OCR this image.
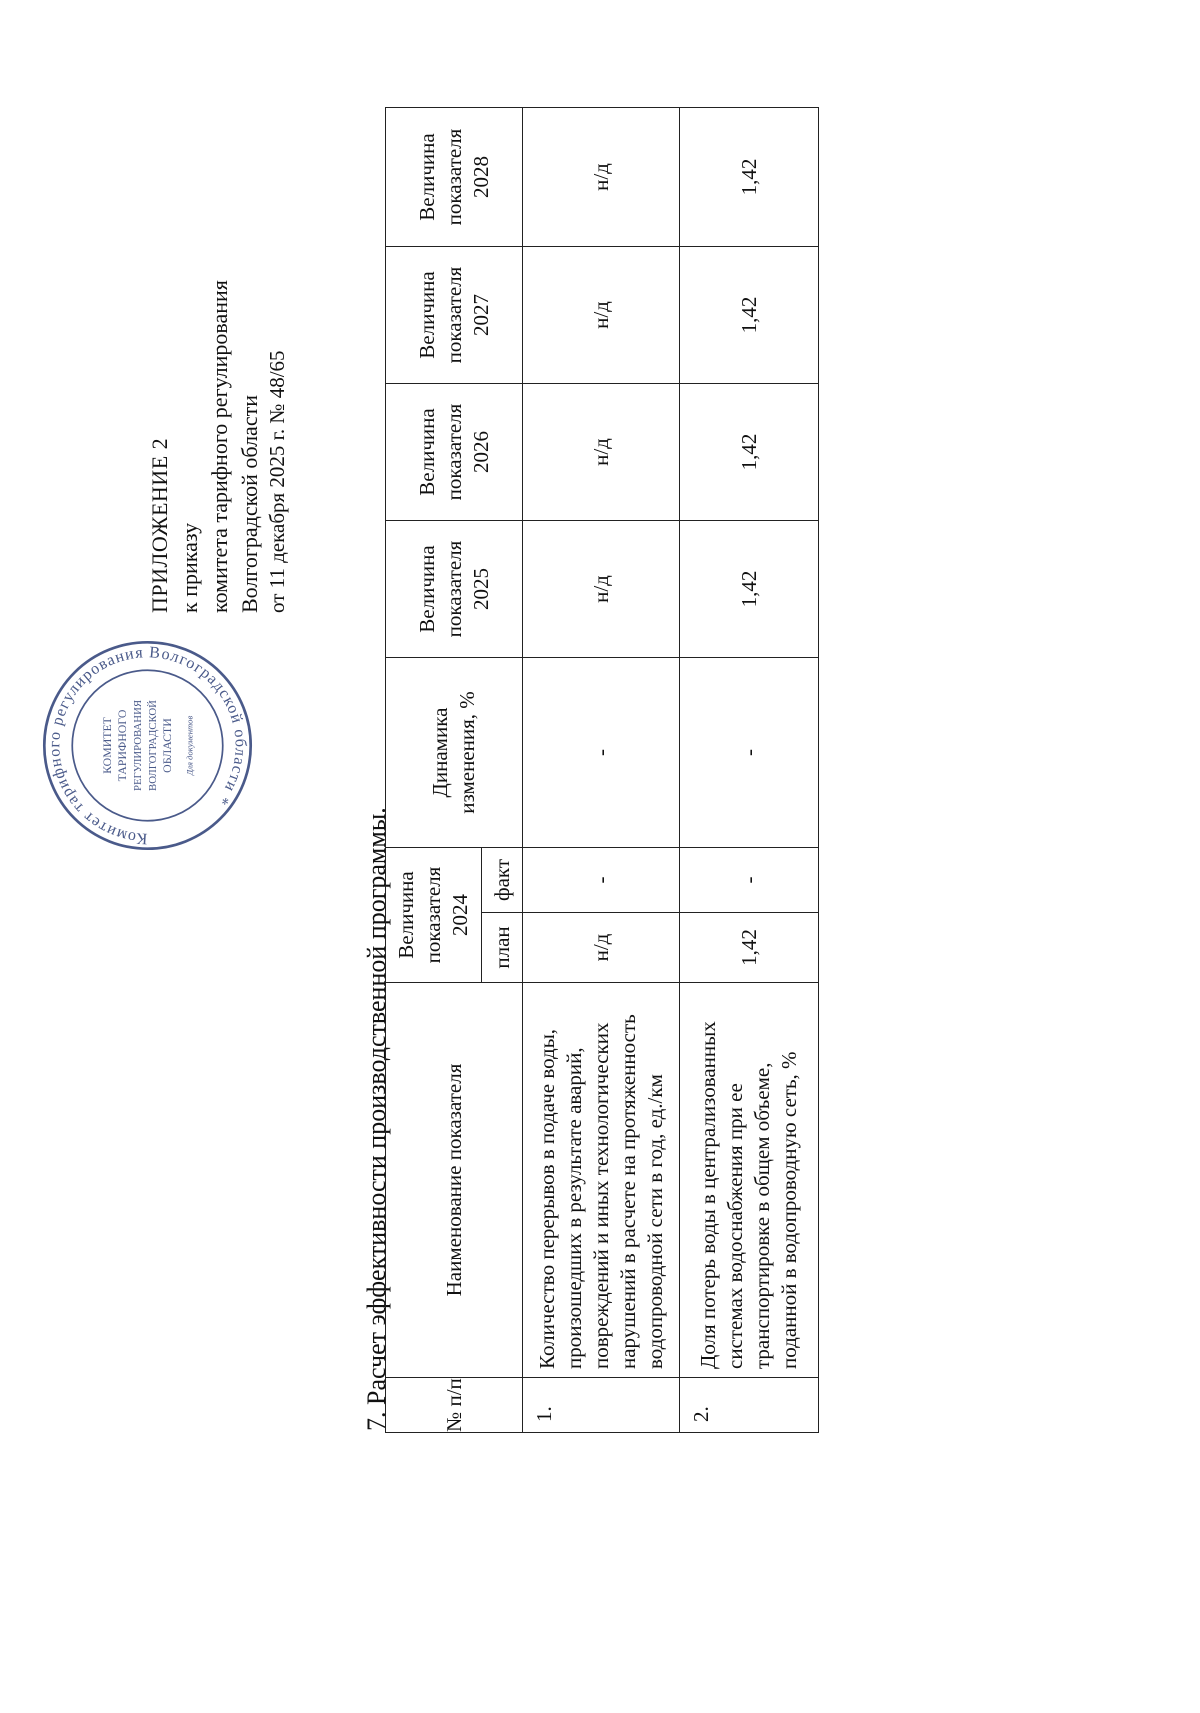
Комитет тарифного регулирования Волгоградской области *
КОМИТЕТ ТАРИФНОГО РЕГУЛИРОВАНИЯ ВОЛГОГРАДСКОЙ ОБЛАСТИ Для документов
ПРИЛОЖЕНИЕ 2 к приказу комитета тарифного регулирования Волгоградской области от 11 декабря 2025 г. № 48/65
7. Расчет эффективности производственной программы. № п/п	Наименование показателя	Величина показателя 2024		Динамика изменения, %	Величина показателя 2025	Величина показателя 2026	Величина показателя 2027	Величина показателя 2028
		план	факт					
1.	Количество перерывов в подаче воды, произошедших в результате аварий, повреждений и иных технологических нарушений в расчете на протяженность водопроводной сети в год, ед./км	н/д	-	-	н/д	н/д	н/д	н/д
2.	Доля потерь воды в централизованных системах водоснабжения при ее транспортировке в общем объеме, поданной в водопроводную сеть, %	1,42	-	-	1,42	1,42	1,42	1,42
